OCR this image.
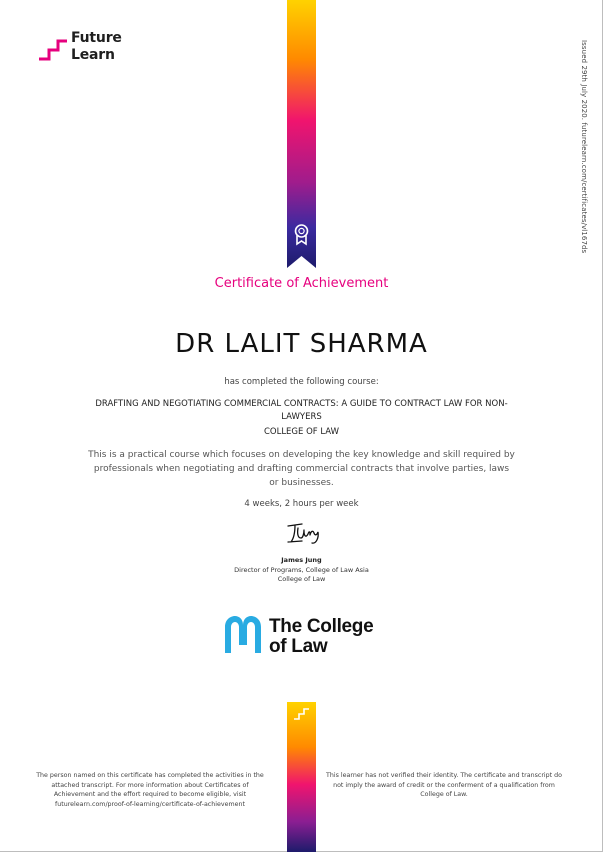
Future
Learn	Issued 29th July 2020. futurelearn.com/certificates/vl167ds
Certificate of Achievement
DR LALIT SHARMA
has completed the following course:
DRAFTING AND NEGOTIATING COMMERCIAL CONTRACTS: A GUIDE TO CONTRACT LAW FOR NON-LAWYERS
COLLEGE OF LAW
This is a practical course which focuses on developing the key knowledge and skill required by professionals when negotiating and drafting commercial contracts that involve parties, laws or businesses.
4 weeks, 2 hours per week
James Jung
Director of Programs, College of Law Asia
College of Law
The College
of Law
The person named on this certificate has completed the activities in the attached transcript. For more information about Certificates of Achievement and the effort required to become eligible, visit futurelearn.com/proof-of-learning/certificate-of-achievement
This learner has not verified their identity. The certificate and transcript do not imply the award of credit or the conferment of a qualification from College of Law.
